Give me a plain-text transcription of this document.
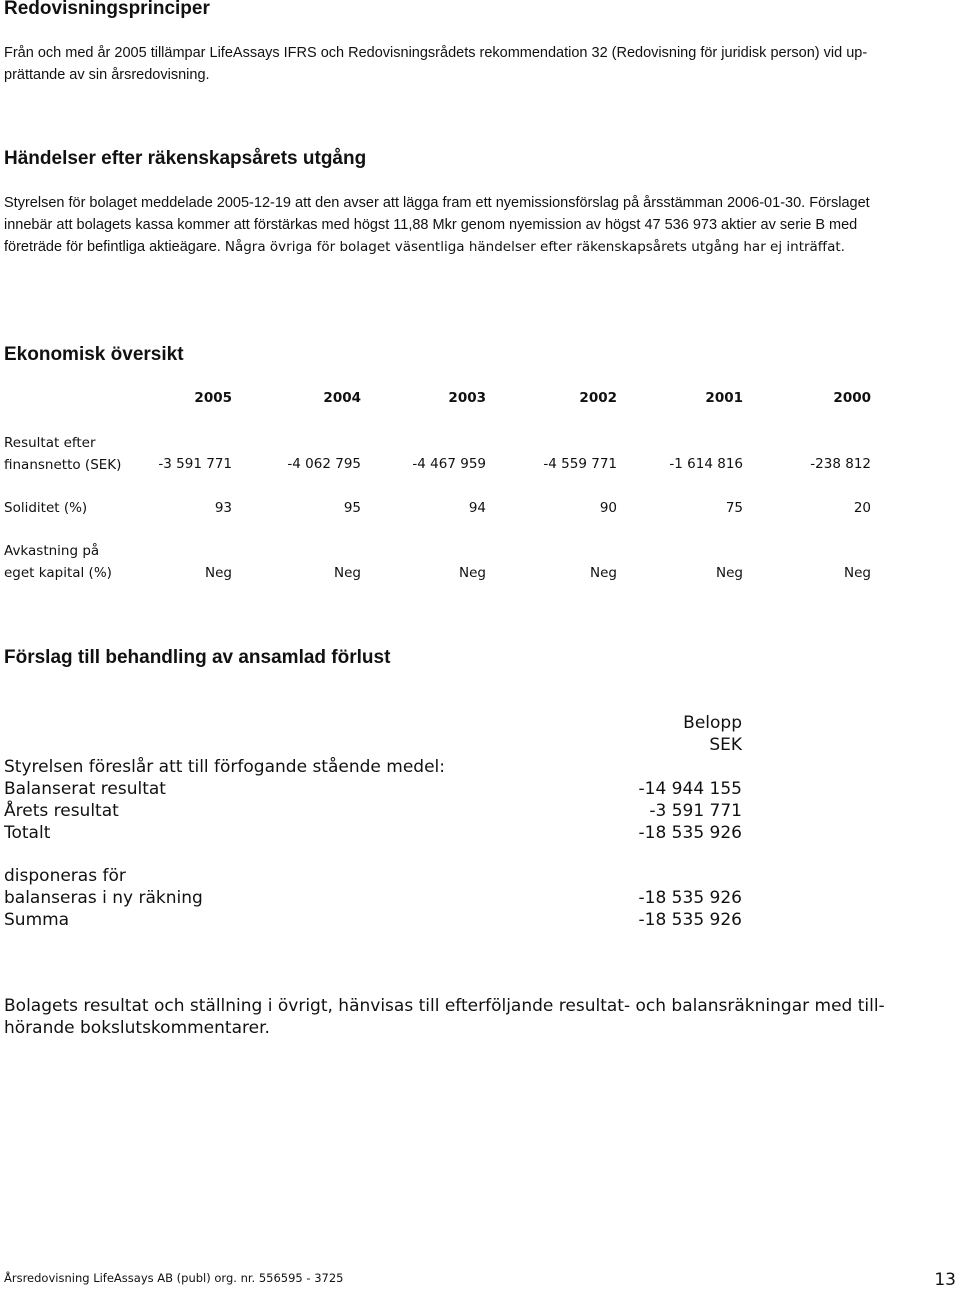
Redovisningsprinciper
Från och med år 2005 tillämpar LifeAssays IFRS och Redovisningsrådets rekommendation 32 (Redovisning för juridisk person) vid up-
prättande av sin årsredovisning.
Händelser efter räkenskapsårets utgång
Styrelsen för bolaget meddelade 2005-12-19 att den avser att lägga fram ett nyemissionsförslag på årsstämman 2006-01-30. Förslaget
innebär att bolagets kassa kommer att förstärkas med högst 11,88 Mkr genom nyemission av högst 47 536 973 aktier av serie B med
företräde för befintliga aktieägare. Några övriga för bolaget väsentliga händelser efter räkenskapsårets utgång har ej inträffat.
Ekonomisk översikt
2005	2004	2003	2002	2001	2000
Resultat efter
finansnetto (SEK)	-3 591 771	-4 062 795	-4 467 959	-4 559 771	-1 614 816	-238 812
Soliditet (%)	93	95	94	90	75	20
Avkastning på
eget kapital (%)	Neg	Neg	Neg	Neg	Neg	Neg
Förslag till behandling av ansamlad förlust
Belopp
SEK
Styrelsen föreslår att till förfogande stående medel:
Balanserat resultat	-14 944 155
Årets resultat	-3 591 771
Totalt	-18 535 926
disponeras för
balanseras i ny räkning	-18 535 926
Summa	-18 535 926
Bolagets resultat och ställning i övrigt, hänvisas till efterföljande resultat- och balansräkningar med till-
hörande bokslutskommentarer.
Årsredovisning LifeAssays AB (publ) org. nr. 556595 - 3725	13
